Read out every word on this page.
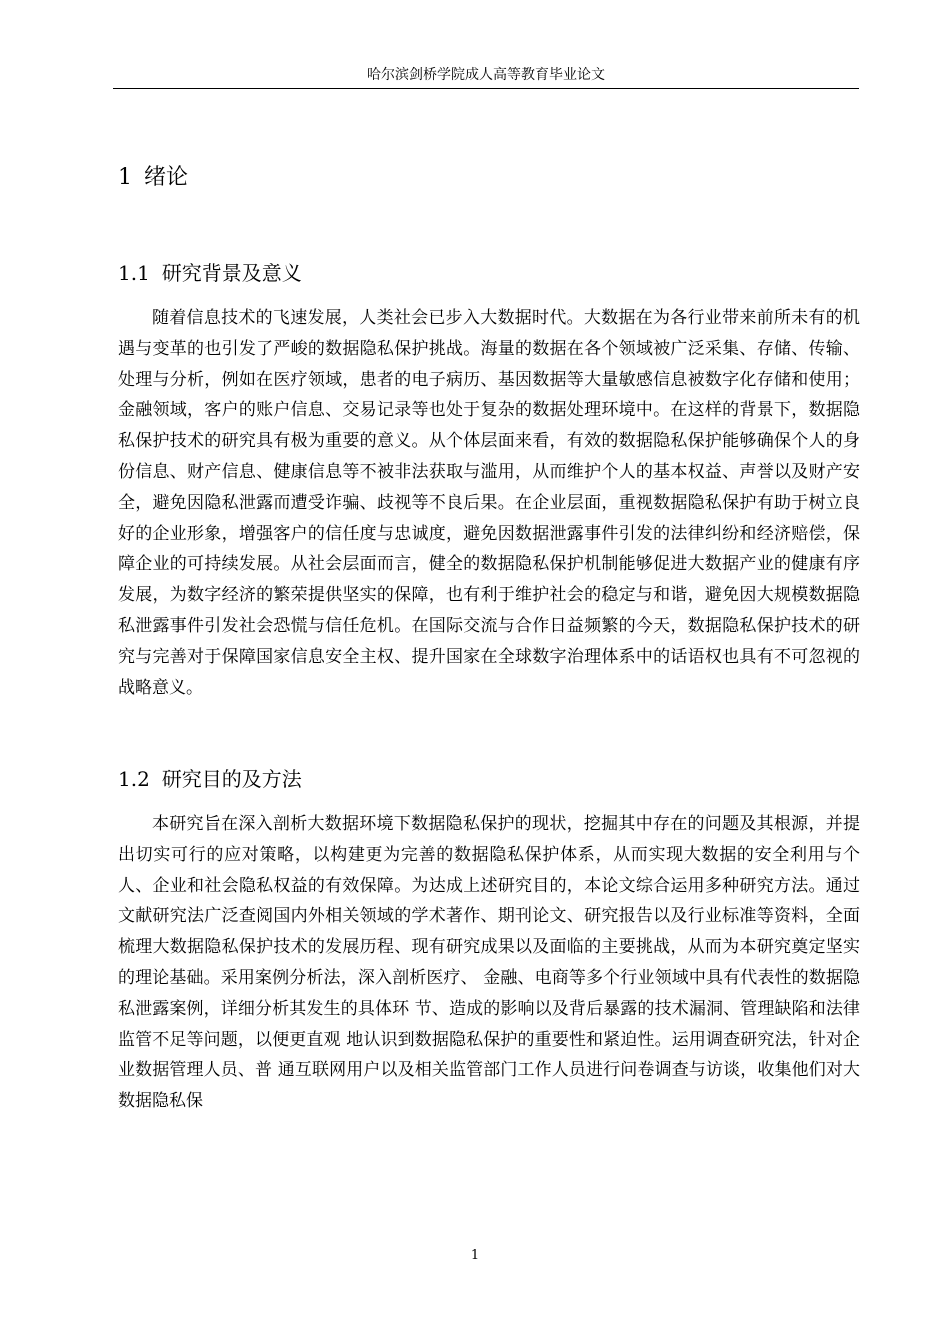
哈尔滨剑桥学院成人高等教育毕业论文
1 绪论
1.1 研究背景及意义

随着信息技术的飞速发展，人类社会已步入大数据时代。大数据在为各行业带来前所未有的机遇与变革的也引发了严峻的数据隐私保护挑战。海量的数据在各个领域被广泛采集、存储、传输、处理与分析，例如在医疗领域，患者的电子病历、基因数据等大量敏感信息被数字化存储和使用；金融领域，客户的账户信息、交易记录等也处于复杂的数据处理环境中。在这样的背景下，数据隐私保护技术的研究具有极为重要的意义。从个体层面来看，有效的数据隐私保护能够确保个人的身份信息、财产信息、健康信息等不被非法获取与滥用，从而维护个人的基本权益、声誉以及财产安全，避免因隐私泄露而遭受诈骗、歧视等不良后果。在企业层面，重视数据隐私保护有助于树立良好的企业形象，增强客户的信任度与忠诚度，避免因数据泄露事件引发的法律纠纷和经济赔偿，保障企业的可持续发展。从社会层面而言，健全的数据隐私保护机制能够促进大数据产业的健康有序发展，为数字经济的繁荣提供坚实的保障，也有利于维护社会的稳定与和谐，避免因大规模数据隐私泄露事件引发社会恐慌与信任危机。在国际交流与合作日益频繁的今天，数据隐私保护技术的研究与完善对于保障国家信息安全主权、提升国家在全球数字治理体系中的话语权也具有不可忽视的战略意义。

1.2 研究目的及方法

本研究旨在深入剖析大数据环境下数据隐私保护的现状，挖掘其中存在的问题及其根源，并提出切实可行的应对策略，以构建更为完善的数据隐私保护体系，从而实现大数据的安全利用与个人、企业和社会隐私权益的有效保障。为达成上述研究目的，本论文综合运用多种研究方法。通过文献研究法广泛查阅国内外相关领域的学术著作、期刊论文、研究报告以及行业标准等资料，全面梳理大数据隐私保护技术的发展历程、现有研究成果以及面临的主要挑战，从而为本研究奠定坚实的理论基础。采用案例分析法，深入剖析医疗、 金融、电商等多个行业领域中具有代表性的数据隐私泄露案例，详细分析其发生的具体环 节、造成的影响以及背后暴露的技术漏洞、管理缺陷和法律监管不足等问题，以便更直观 地认识到数据隐私保护的重要性和紧迫性。运用调查研究法，针对企业数据管理人员、普 通互联网用户以及相关监管部门工作人员进行问卷调查与访谈，收集他们对大数据隐私保

1
